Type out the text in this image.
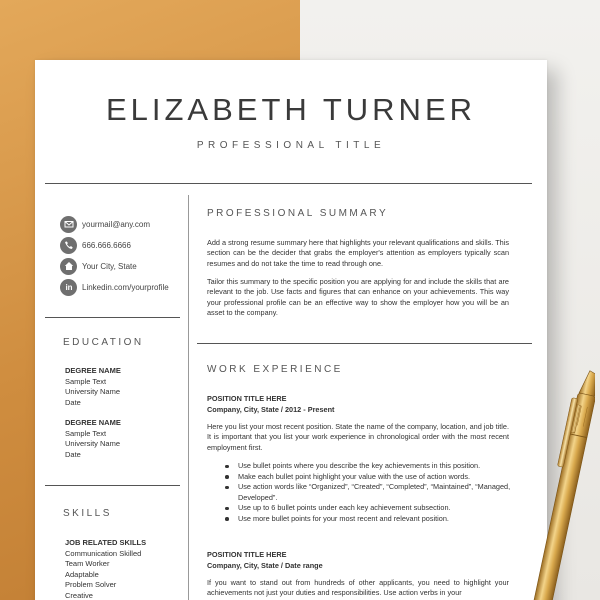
ELIZABETH TURNER
PROFESSIONAL TITLE
yourmail@any.com
666.666.6666
Your City, State
in Linkedin.com/yourprofile
EDUCATION
DEGREE NAME
Sample Text
University Name
Date
DEGREE NAME
Sample Text
University Name
Date
SKILLS
JOB RELATED SKILLS
Communication Skilled
Team Worker
Adaptable
Problem Solver
Creative
PROFESSIONAL SUMMARY
Add a strong resume summary here that highlights your relevant qualifications and skills. This section can be the decider that grabs the employer's attention as employers typically scan resumes and do not take the time to read through one.
Tailor this summary to the specific position you are applying for and include the skills that are relevant to the job. Use facts and figures that can enhance on your achievements. This way your professional profile can be an effective way to show the employer how you will be an asset to the company.
WORK EXPERIENCE
POSITION TITLE HERE
Company, City, State / 2012 - Present
Here you list your most recent position. State the name of the company, location, and job title. It is important that you list your work experience in chronological order with the most recent employment first.
Use bullet points where you describe the key achievements in this position.
Make each bullet point highlight your value with the use of action words.
Use action words like “Organized”, “Created”, “Completed”, “Maintained”, “Managed, Developed”.
Use up to 6 bullet points under each key achievement subsection.
Use more bullet points for your most recent and relevant position.
POSITION TITLE HERE
Company, City, State / Date range
If you want to stand out from hundreds of other applicants, you need to highlight your achievements not just your duties and responsibilities. Use action verbs in your
